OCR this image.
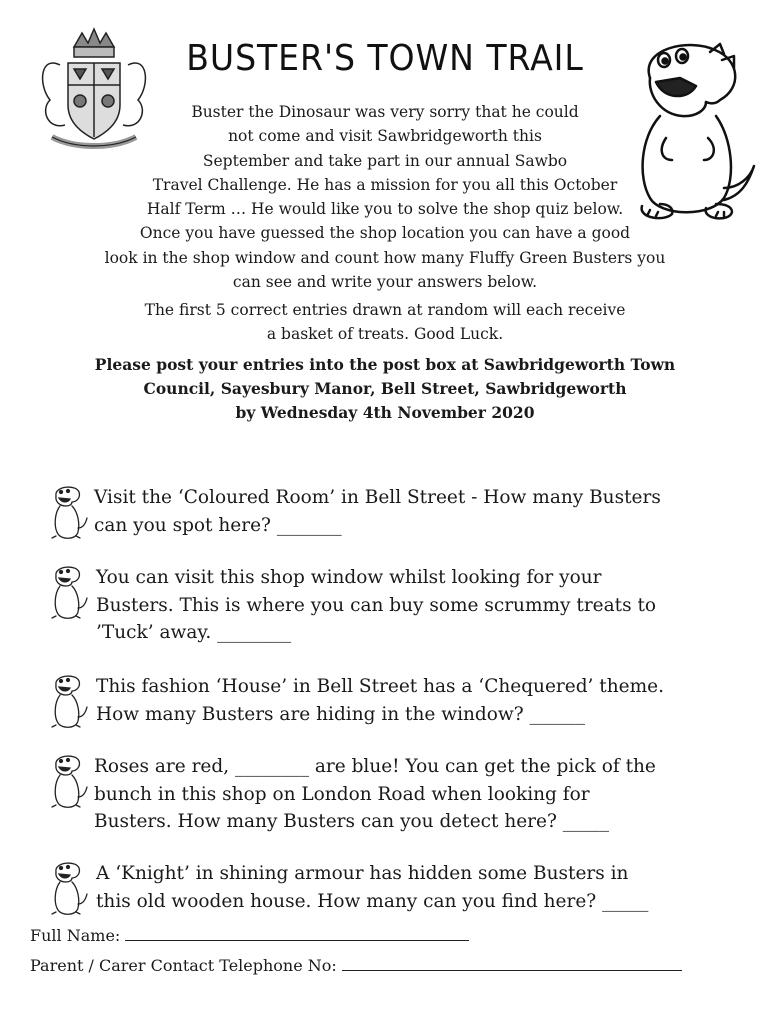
BUSTER'S TOWN TRAIL
Buster the Dinosaur was very sorry that he could
not come and visit Sawbridgeworth this
September and take part in our annual Sawbo
Travel Challenge. He has a mission for you all this October
Half Term … He would like you to solve the shop quiz below.
Once you have guessed the shop location you can have a good
look in the shop window and count how many Fluffy Green Busters you
can see and write your answers below.
The first 5 correct entries drawn at random will each receive
a basket of treats. Good Luck.
Please post your entries into the post box at Sawbridgeworth Town
Council, Sayesbury Manor, Bell Street, Sawbridgeworth
by Wednesday 4th November 2020
Visit the ‘Coloured Room’ in Bell Street - How many Busters
can you spot here? _______
You can visit this shop window whilst looking for your
Busters. This is where you can buy some scrummy treats to
’Tuck’ away. ________
This fashion ‘House’ in Bell Street has a ‘Chequered’ theme.
How many Busters are hiding in the window? ______
Roses are red, ________ are blue! You can get the pick of the
bunch in this shop on London Road when looking for
Busters. How many Busters can you detect here? _____
A ‘Knight’ in shining armour has hidden some Busters in
this old wooden house. How many can you find here? _____
Full Name:
Parent / Carer Contact Telephone No:
